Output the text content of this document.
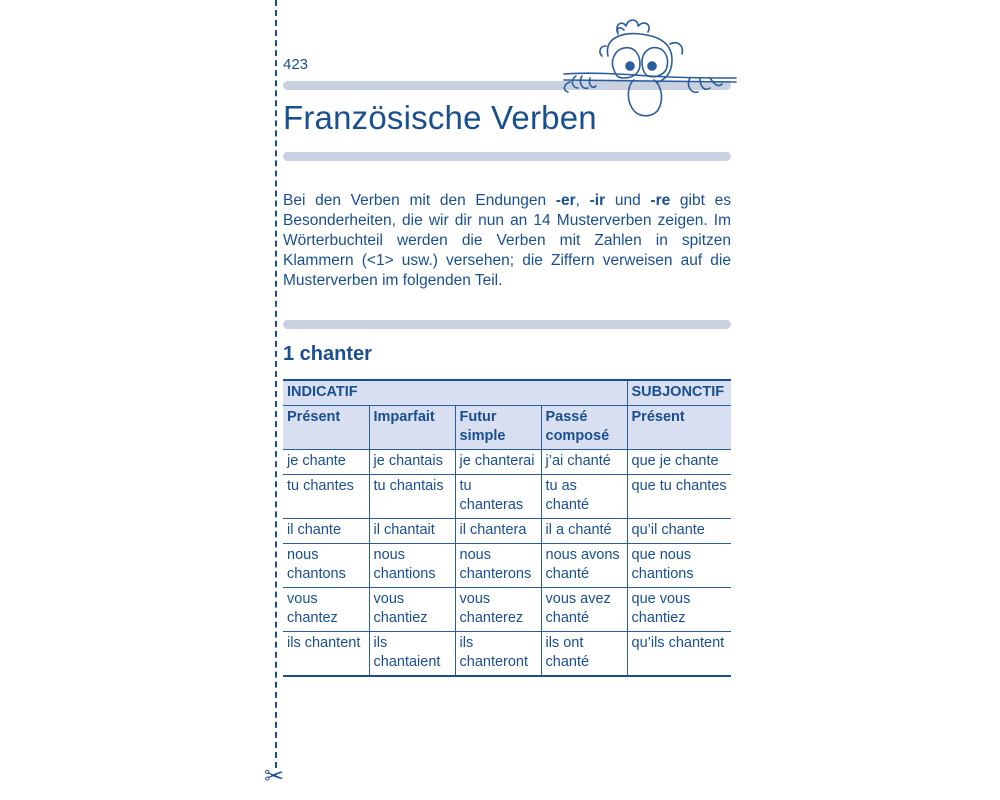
✂
423
Französische Verben

Bei den Verben mit den Endungen -er, -ir und -re gibt es Besonderheiten, die wir dir nun an 14 Musterverben zeigen. Im Wörterbuchteil werden die Verben mit Zahlen in spitzen Klammern (<1> usw.) versehen; die Ziffern verweisen auf die Musterverben im folgenden Teil.

1 chanter
INDICATIF				SUBJONCTIF
Présent	Imparfait	Futur simple	Passé composé	Présent
je chante	je chantais	je chanterai	j’ai chanté	que je chante
tu chantes	tu chantais	tu chanteras	tu as chanté	que tu chantes
il chante	il chantait	il chantera	il a chanté	qu’il chante
nous chantons	nous chantions	nous chanterons	nous avons chanté	que nous chantions
vous chantez	vous chantiez	vous chanterez	vous avez chanté	que vous chantiez
ils chantent	ils chantaient	ils chanteront	ils ont chanté	qu’ils chantent
